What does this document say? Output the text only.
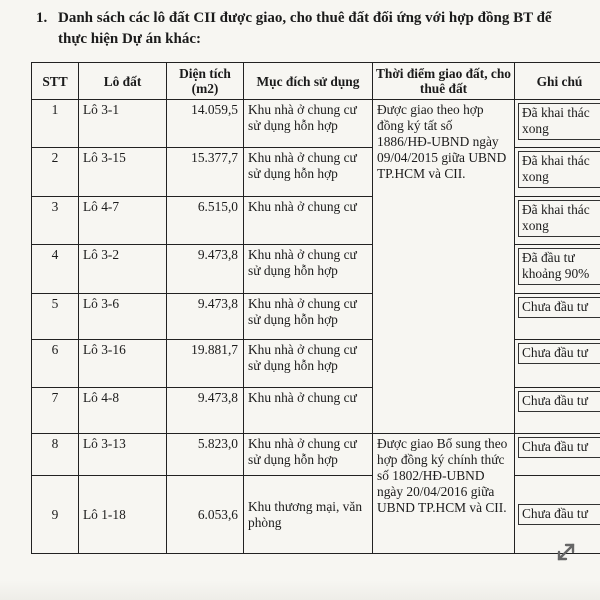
1. Danh sách các lô đất CII được giao, cho thuê đất đối ứng với hợp đồng BT để
thực hiện Dự án khác:
STT	Lô đất	Diện tích (m2)	Mục đích sử dụng	Thời điểm giao đất, cho thuê đất	Ghi chú
1	Lô 3-1	14.059,5	Khu nhà ở chung cư sử dụng hỗn hợp	Được giao theo hợp đồng ký tất số 1886/HĐ-UBND ngày 09/04/2015 giữa UBND TP.HCM và CII.	Đã khai thác xong

2	Lô 3-15	15.377,7	Khu nhà ở chung cư sử dụng hỗn hợp		Đã khai thác xong

3	Lô 4-7	6.515,0	Khu nhà ở chung cư		Đã khai thác xong

4	Lô 3-2	9.473,8	Khu nhà ở chung cư sử dụng hỗn hợp		Đã đầu tư khoảng 90%

5	Lô 3-6	9.473,8	Khu nhà ở chung cư sử dụng hỗn hợp		Chưa đầu tư

6	Lô 3-16	19.881,7	Khu nhà ở chung cư sử dụng hỗn hợp		Chưa đầu tư

7	Lô 4-8	9.473,8	Khu nhà ở chung cư		Chưa đầu tư

8	Lô 3-13	5.823,0	Khu nhà ở chung cư sử dụng hỗn hợp	Được giao Bổ sung theo hợp đồng ký chính thức số 1802/HĐ-UBND ngày 20/04/2016 giữa UBND TP.HCM và CII.	Chưa đầu tư

9	Lô 1-18	6.053,6	Khu thương mại, văn phòng		Chưa đầu tư
